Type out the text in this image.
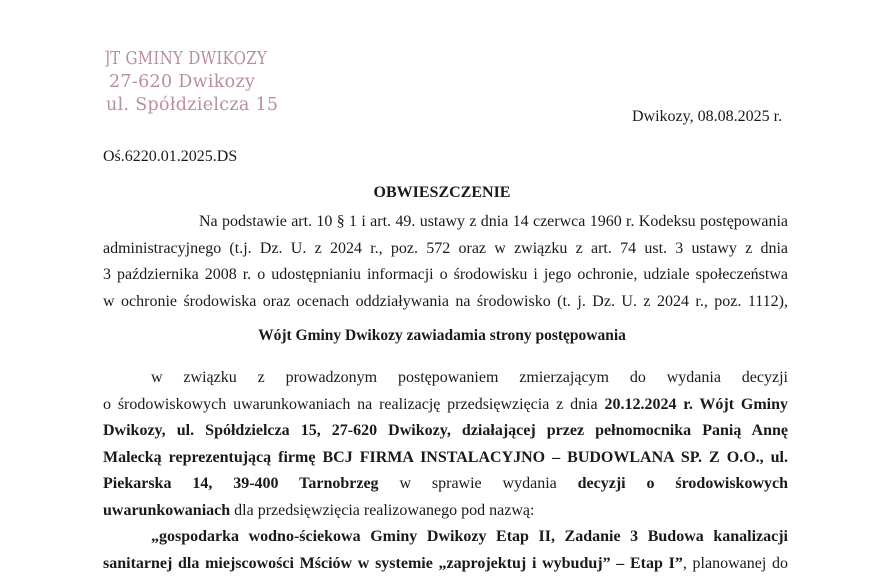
]T GMINY DWIKOZY
27-620 Dwikozy
ul. Spółdzielcza 15
Dwikozy, 08.08.2025 r.
Oś.6220.01.2025.DS
OBWIESZCZENIE
Na podstawie art. 10 § 1 i art. 49. ustawy z dnia 14 czerwca 1960 r. Kodeksu postępowania
administracyjnego (t.j. Dz. U. z 2024 r., poz. 572 oraz w związku z art. 74 ust. 3 ustawy z dnia
3 października 2008 r. o udostępnianiu informacji o środowisku i jego ochronie, udziale społeczeństwa
w ochronie środowiska oraz ocenach oddziaływania na środowisko (t. j. Dz. U. z 2024 r., poz. 1112),
Wójt Gminy Dwikozy zawiadamia strony postępowania
w związku z prowadzonym postępowaniem zmierzającym do wydania decyzji
o środowiskowych uwarunkowaniach na realizację przedsięwzięcia z dnia 20.12.2024 r. Wójt Gminy
Dwikozy, ul. Spółdzielcza 15, 27-620 Dwikozy, działającej przez pełnomocnika Panią Annę
Malecką reprezentującą firmę BCJ FIRMA INSTALACYJNO – BUDOWLANA SP. Z O.O., ul.
Piekarska 14, 39-400 Tarnobrzeg w sprawie wydania decyzji o środowiskowych
uwarunkowaniach dla przedsięwzięcia realizowanego pod nazwą:
„gospodarka wodno-ściekowa Gminy Dwikozy Etap II, Zadanie 3 Budowa kanalizacji
sanitarnej dla miejscowości Mściów w systemie „zaprojektuj i wybuduj” – Etap I”, planowanej do
